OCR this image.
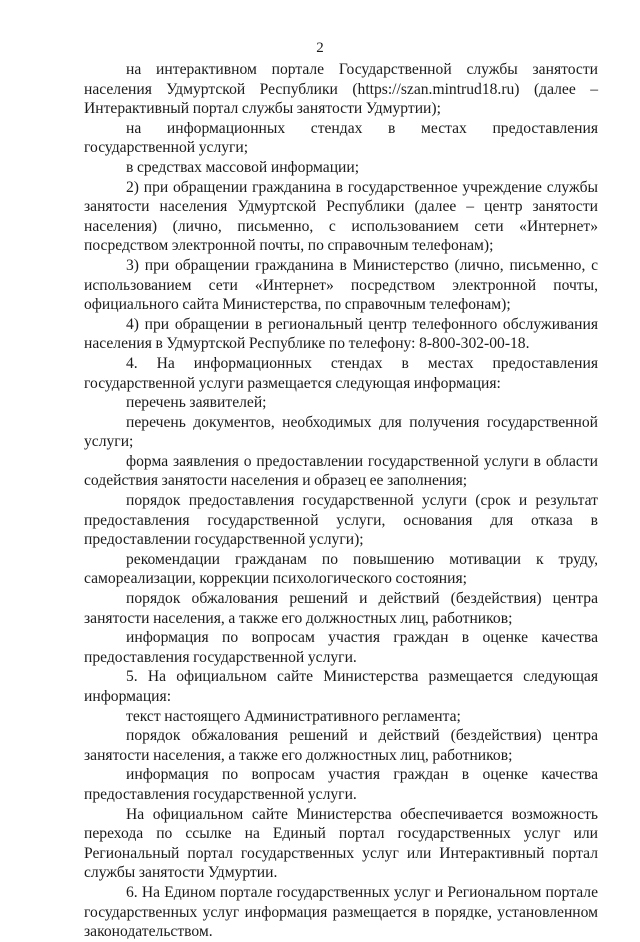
2

на интерактивном портале Государственной службы занятости населения Удмуртской Республики (https://szan.mintrud18.ru) (далее – Интерактивный портал службы занятости Удмуртии);

на информационных стендах в местах предоставления государственной услуги;

в средствах массовой информации;

2) при обращении гражданина в государственное учреждение службы занятости населения Удмуртской Республики (далее – центр занятости населения) (лично, письменно, с использованием сети «Интернет» посредством электронной почты, по справочным телефонам);

3) при обращении гражданина в Министерство (лично, письменно, с использованием сети «Интернет» посредством электронной почты, официального сайта Министерства, по справочным телефонам);

4) при обращении в региональный центр телефонного обслуживания населения в Удмуртской Республике по телефону: 8-800-302-00-18.

4. На информационных стендах в местах предоставления государственной услуги размещается следующая информация:

перечень заявителей;

перечень документов, необходимых для получения государственной услуги;

форма заявления о предоставлении государственной услуги в области содействия занятости населения и образец ее заполнения;

порядок предоставления государственной услуги (срок и результат предоставления государственной услуги, основания для отказа в предоставлении государственной услуги);

рекомендации гражданам по повышению мотивации к труду, самореализации, коррекции психологического состояния;

порядок обжалования решений и действий (бездействия) центра занятости населения, а также его должностных лиц, работников;

информация по вопросам участия граждан в оценке качества предоставления государственной услуги.

5. На официальном сайте Министерства размещается следующая информация:

текст настоящего Административного регламента;

порядок обжалования решений и действий (бездействия) центра занятости населения, а также его должностных лиц, работников;

информация по вопросам участия граждан в оценке качества предоставления государственной услуги.

На официальном сайте Министерства обеспечивается возможность перехода по ссылке на Единый портал государственных услуг или Региональный портал государственных услуг или Интерактивный портал службы занятости Удмуртии.

6. На Едином портале государственных услуг и Региональном портале государственных услуг информация размещается в порядке, установленном законодательством.
